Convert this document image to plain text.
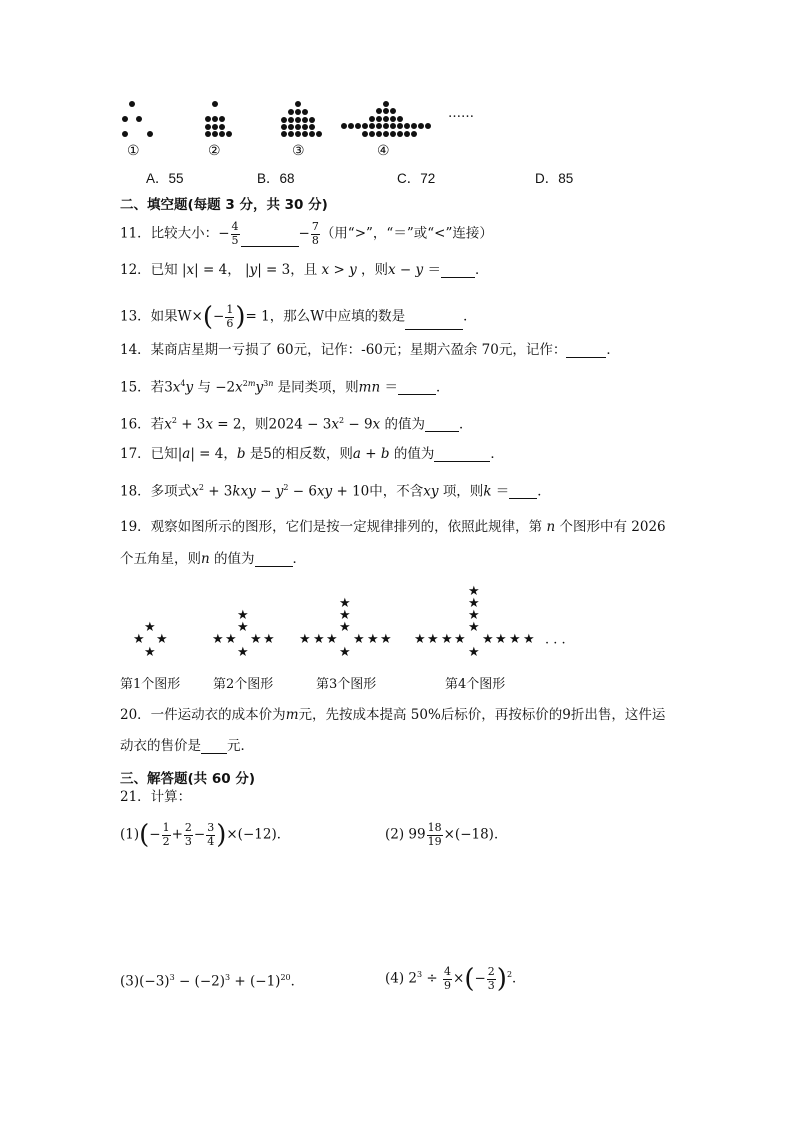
……
①	②	③	④
A．55	B．68	C．72	D．85
二、填空题(每题 3 分，共 30 分)
11．比较大小：− $\frac{4}{5}$	− $\frac{7}{8}$ （用“>”，“＝”或“<”连接）
12．已知 |x| = 4， |y| = 3，且 x > y ，则x − y ＝	．
13．如果$W\times(- \frac{1}{6}$ )= 1，那么W中应填的数是	．
14．某商店星期一亏损了 60元，记作：-60元；星期六盈余 70元，记作：	．
15．若$3x^4y$ 与 $-2x^{2m}y^{3n}$ 是同类项，则mn ＝	．
16．若$x^2 + 3x = 2$，则$2024 - 3x^2 - 9x$ 的值为	．
17．已知|a| = 4，b 是5的相反数，则a + b 的值为	．
18．多项式$x^2 + 3kxy - y^2 - 6xy + 10$中，不含xy 项，则k ＝ ．
19．观察如图所示的图形，它们是按一定规律排列的，依照此规律，第 n 个图形中有 2026
个五角星，则n 的值为	．
★
★ ★
★
★
★
★ ★ ★ ★
★
★
★
★
★ ★ ★ ★ ★ ★
★
★
★
★
★
★ ★ ★ ★ ★ ★ ★ ★
★
· · ·
第1个图形	第2个图形	第3个图形	第4个图形
20．一件运动衣的成本价为m元，先按成本提高 50%后标价，再按标价的9折出售，这件运
动衣的售价是 元．
三、解答题(共 60 分)
21．计算：
$(1)(- \frac{1}{2} + \frac{2}{3} - \frac{3}{4} )\times(-12)$．	(2) $99 \frac{18}{19} \times(-18)$．
$(3)(-3)^3 - (-2)^3 + (-1)^{20}$．	(4) $2^3 \div \frac{4}{9}$ ×(− $\frac{2}{3} )^2$．
